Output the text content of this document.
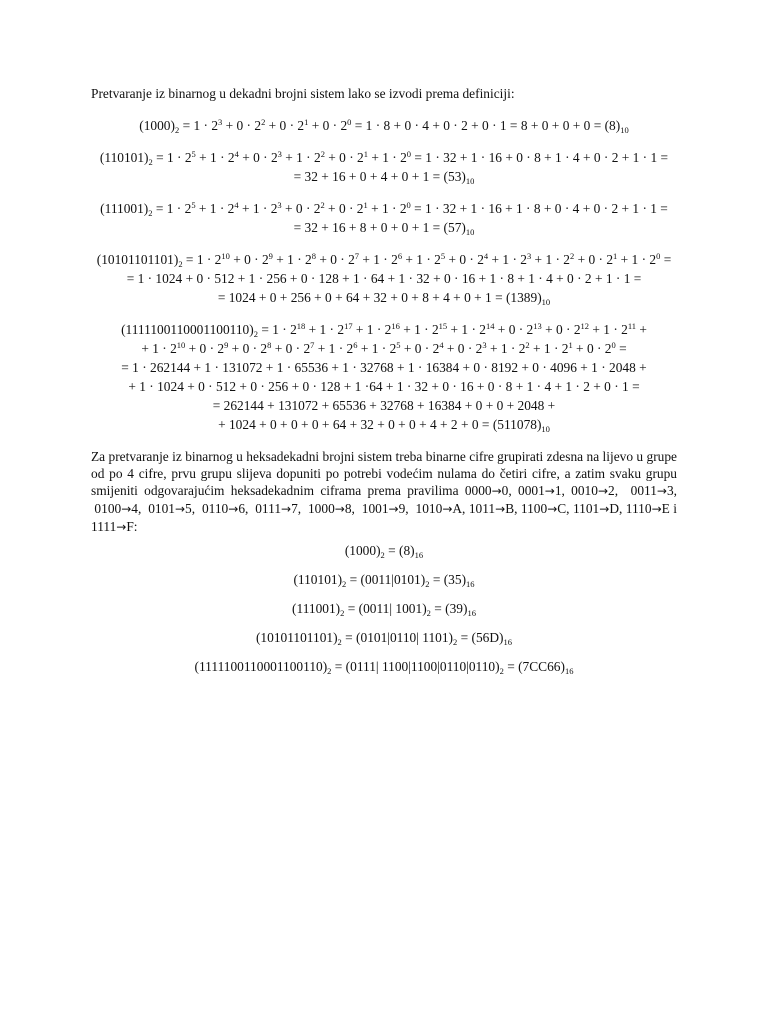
Pretvaranje iz binarnog u dekadni brojni sistem lako se izvodi prema definiciji:

$(1000)_2 = 1 \cdot 2^3 + 0 \cdot 2^2 + 0 \cdot 2^1 + 0 \cdot 2^0 = 1 \cdot 8 + 0 \cdot 4 + 0 \cdot 2 + 0 \cdot 1 = 8 + 0 + 0 + 0 = (8)_{10}$
$(110101)_2 = 1 \cdot 2^5 + 1 \cdot 2^4 + 0 \cdot 2^3 + 1 \cdot 2^2 + 0 \cdot 2^1 + 1 \cdot 2^0 = 1 \cdot 32 + 1 \cdot 16 + 0 \cdot 8 + 1 \cdot 4 + 0 \cdot 2 + 1 \cdot 1$ =
= $32 + 16 + 0 + 4 + 0 + 1 = (53)_{10}$
$(111001)_2 = 1 \cdot 2^5 + 1 \cdot 2^4 + 1 \cdot 2^3 + 0 \cdot 2^2 + 0 \cdot 2^1 + 1 \cdot 2^0 = 1 \cdot 32 + 1 \cdot 16 + 1 \cdot 8 + 0 \cdot 4 + 0 \cdot 2 + 1 \cdot 1$ =
= $32 + 16 + 8 + 0 + 0 + 1 = (57)_{10}$
$(10101101101)_2 = 1 \cdot 2^{10} + 0 \cdot 2^9 + 1 \cdot 2^8 + 0 \cdot 2^7 + 1 \cdot 2^6 + 1 \cdot 2^5 + 0 \cdot 2^4 + 1 \cdot 2^3 + 1 \cdot 2^2 + 0 \cdot 2^1 + 1 \cdot 2^0$ =
= 1 · 1024 + 0 · 512 + 1 · 256 + 0 · 128 + 1 · 64 + 1 · 32 + 0 · 16 + 1 · 8 + 1 · 4 + 0 · 2 + 1 · 1 =
= $1024 + 0 + 256 + 0 + 64 + 32 + 0 + 8 + 4 + 0 + 1 = (1389)_{10}$
$(1111100110001100110)_2 = 1 \cdot 2^{18} + 1 \cdot 2^{17} + 1 \cdot 2^{16} + 1 \cdot 2^{15} + 1 \cdot 2^{14} + 0 \cdot 2^{13} + 0 \cdot 2^{12} + 1 \cdot 2^{11}$ +
+ $1 \cdot 2^{10} + 0 \cdot 2^9 + 0 \cdot 2^8 + 0 \cdot 2^7 + 1 \cdot 2^6 + 1 \cdot 2^5 + 0 \cdot 2^4 + 0 \cdot 2^3 + 1 \cdot 2^2 + 1 \cdot 2^1 + 0 \cdot 2^0$ =
= 1 · 262144 + 1 · 131072 + 1 · 65536 + 1 · 32768 + 1 · 16384 + 0 · 8192 + 0 · 4096 + 1 · 2048 +
+ 1 · 1024 + 0 · 512 + 0 · 256 + 0 · 128 + 1 ·64 + 1 · 32 + 0 · 16 + 0 · 8 + 1 · 4 + 1 · 2 + 0 · 1 =
= 262144 + 131072 + 65536 + 32768 + 16384 + 0 + 0 + 2048 +
+ $1024 + 0 + 0 + 0 + 64 + 32 + 0 + 0 + 4 + 2 + 0 = (511078)_{10}$

Za pretvaranje iz binarnog u heksadekadni brojni sistem treba binarne cifre grupirati zdesna na lijevo u grupe od po 4 cifre, prvu grupu slijeva dopuniti po potrebi vodećim nulama do četiri cifre, a zatim svaku grupu smijeniti odgovarajućim heksadekadnim ciframa prema pravilima 0000→0, 0001→1, 0010→2,  0011→3,  0100→4,  0101→5,  0110→6,  0111→7,  1000→8,  1001→9,  1010→A, 1011→B, 1100→C, 1101→D, 1110→E i 1111→F:

$(1000)_2 = (8)_{16}$
$(110101)_2 = (0011|0101)_2 = (35)_{16}$
$(111001)_2 = (0011|$ $1001)_2 = (39)_{16}$
$(10101101101)_2 = (0101|0110|$ $1101)_2 = (56D)_{16}$
$(1111100110001100110)_2 = (0111|$ $1100|1100|0110|0110)_2 = (7CC66)_{16}$
